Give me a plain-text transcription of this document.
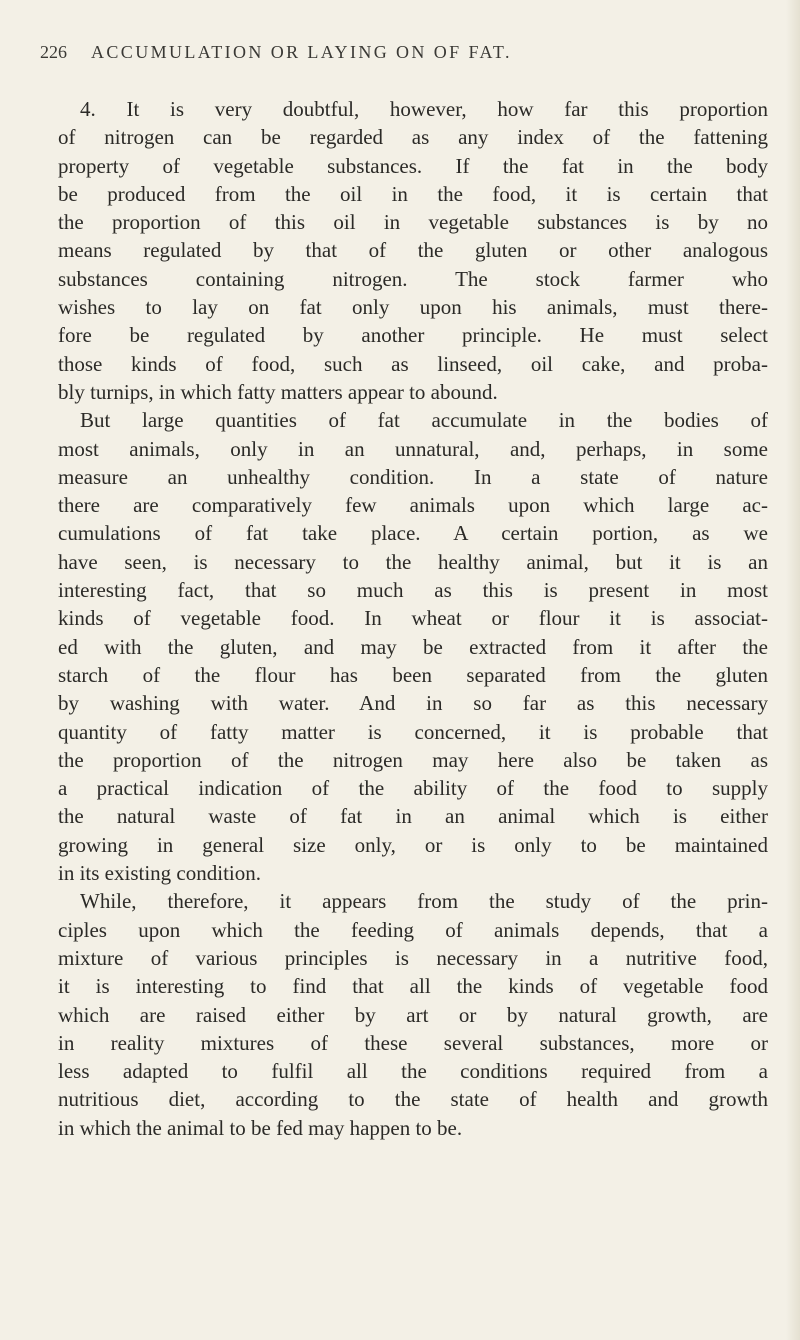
226 ACCUMULATION OR LAYING ON OF FAT.
4. It is very doubtful, however, how far this proportion
of nitrogen can be regarded as any index of the fattening
property of vegetable substances. If the fat in the body
be produced from the oil in the food, it is certain that
the proportion of this oil in vegetable substances is by no
means regulated by that of the gluten or other analogous
substances containing nitrogen. The stock farmer who
wishes to lay on fat only upon his animals, must there-
fore be regulated by another principle. He must select
those kinds of food, such as linseed, oil cake, and proba-
bly turnips, in which fatty matters appear to abound.
But large quantities of fat accumulate in the bodies of
most animals, only in an unnatural, and, perhaps, in some
measure an unhealthy condition. In a state of nature
there are comparatively few animals upon which large ac-
cumulations of fat take place. A certain portion, as we
have seen, is necessary to the healthy animal, but it is an
interesting fact, that so much as this is present in most
kinds of vegetable food. In wheat or flour it is associat-
ed with the gluten, and may be extracted from it after the
starch of the flour has been separated from the gluten
by washing with water. And in so far as this necessary
quantity of fatty matter is concerned, it is probable that
the proportion of the nitrogen may here also be taken as
a practical indication of the ability of the food to supply
the natural waste of fat in an animal which is either
growing in general size only, or is only to be maintained
in its existing condition.
While, therefore, it appears from the study of the prin-
ciples upon which the feeding of animals depends, that a
mixture of various principles is necessary in a nutritive food,
it is interesting to find that all the kinds of vegetable food
which are raised either by art or by natural growth, are
in reality mixtures of these several substances, more or
less adapted to fulfil all the conditions required from a
nutritious diet, according to the state of health and growth
in which the animal to be fed may happen to be.
